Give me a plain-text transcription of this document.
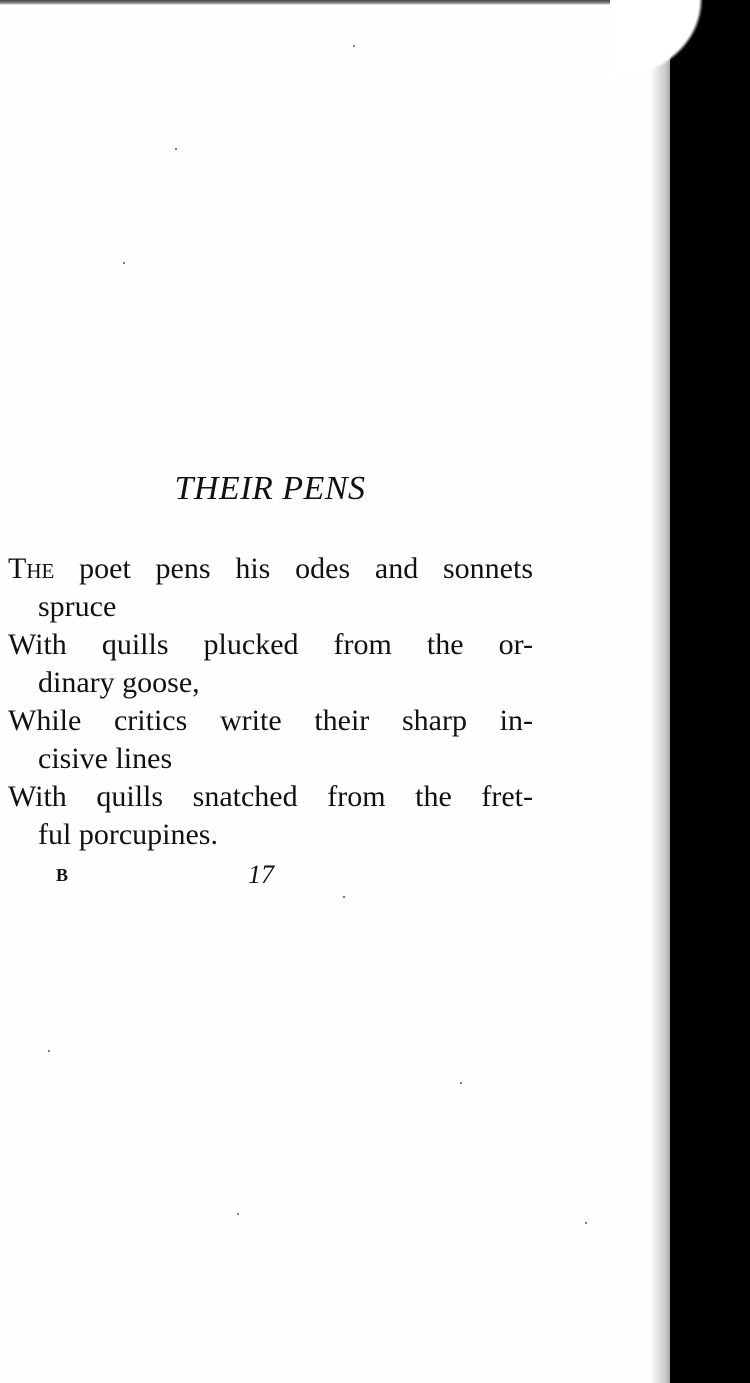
THEIR PENS
The poet pens his odes and sonnets
spruce
With quills plucked from the or-
dinary goose,
While critics write their sharp in-
cisive lines
With quills snatched from the fret-
ful porcupines.
B	17
